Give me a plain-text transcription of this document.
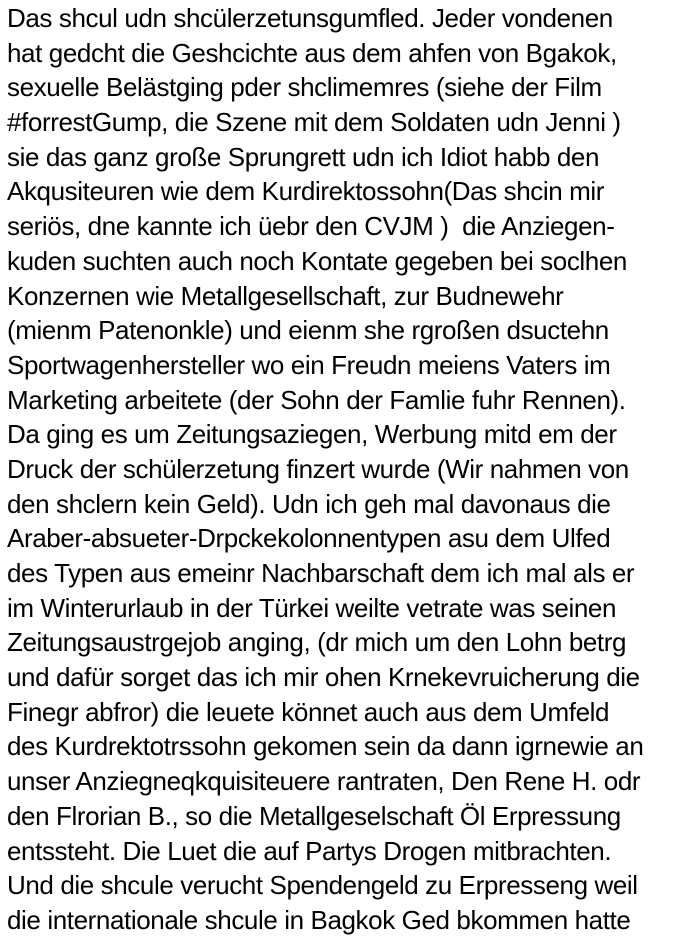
Das shcul udn shcülerzetunsgumfled. Jeder vondenen
hat gedcht die Geshcichte aus dem ahfen von Bgakok,
sexuelle Belästging pder shclimemres (siehe der Film
#forrestGump, die Szene mit dem Soldaten udn Jenni )
sie das ganz große Sprungrett udn ich Idiot habb den
Akqusiteuren wie dem Kurdirektossohn(Das shcin mir
seriös, dne kannte ich üebr den CVJM )  die Anziegen-
kuden suchten auch noch Kontate gegeben bei soclhen
Konzernen wie Metallgesellschaft, zur Budnewehr
(mienm Patenonkle) und eienm she rgroßen dsuctehn
Sportwagenhersteller wo ein Freudn meiens Vaters im
Marketing arbeitete (der Sohn der Famlie fuhr Rennen).
Da ging es um Zeitungsaziegen, Werbung mitd em der
Druck der schülerzetung finzert wurde (Wir nahmen von
den shclern kein Geld). Udn ich geh mal davonaus die
Araber-absueter-Drpckekolonnentypen asu dem Ulfed
des Typen aus emeinr Nachbarschaft dem ich mal als er
im Winterurlaub in der Türkei weilte vetrate was seinen
Zeitungsaustrgejob anging, (dr mich um den Lohn betrg
und dafür sorget das ich mir ohen Krnekevruicherung die
Finegr abfror) die leuete könnet auch aus dem Umfeld
des Kurdrektotrssohn gekomen sein da dann igrnewie an
unser Anziegneqkquisiteuere rantraten, Den Rene H. odr
den Flrorian B., so die Metallgeselschaft Öl Erpressung
entssteht. Die Luet die auf Partys Drogen mitbrachten.
Und die shcule verucht Spendengeld zu Erpresseng weil
die internationale shcule in Bagkok Ged bkommen hatte
